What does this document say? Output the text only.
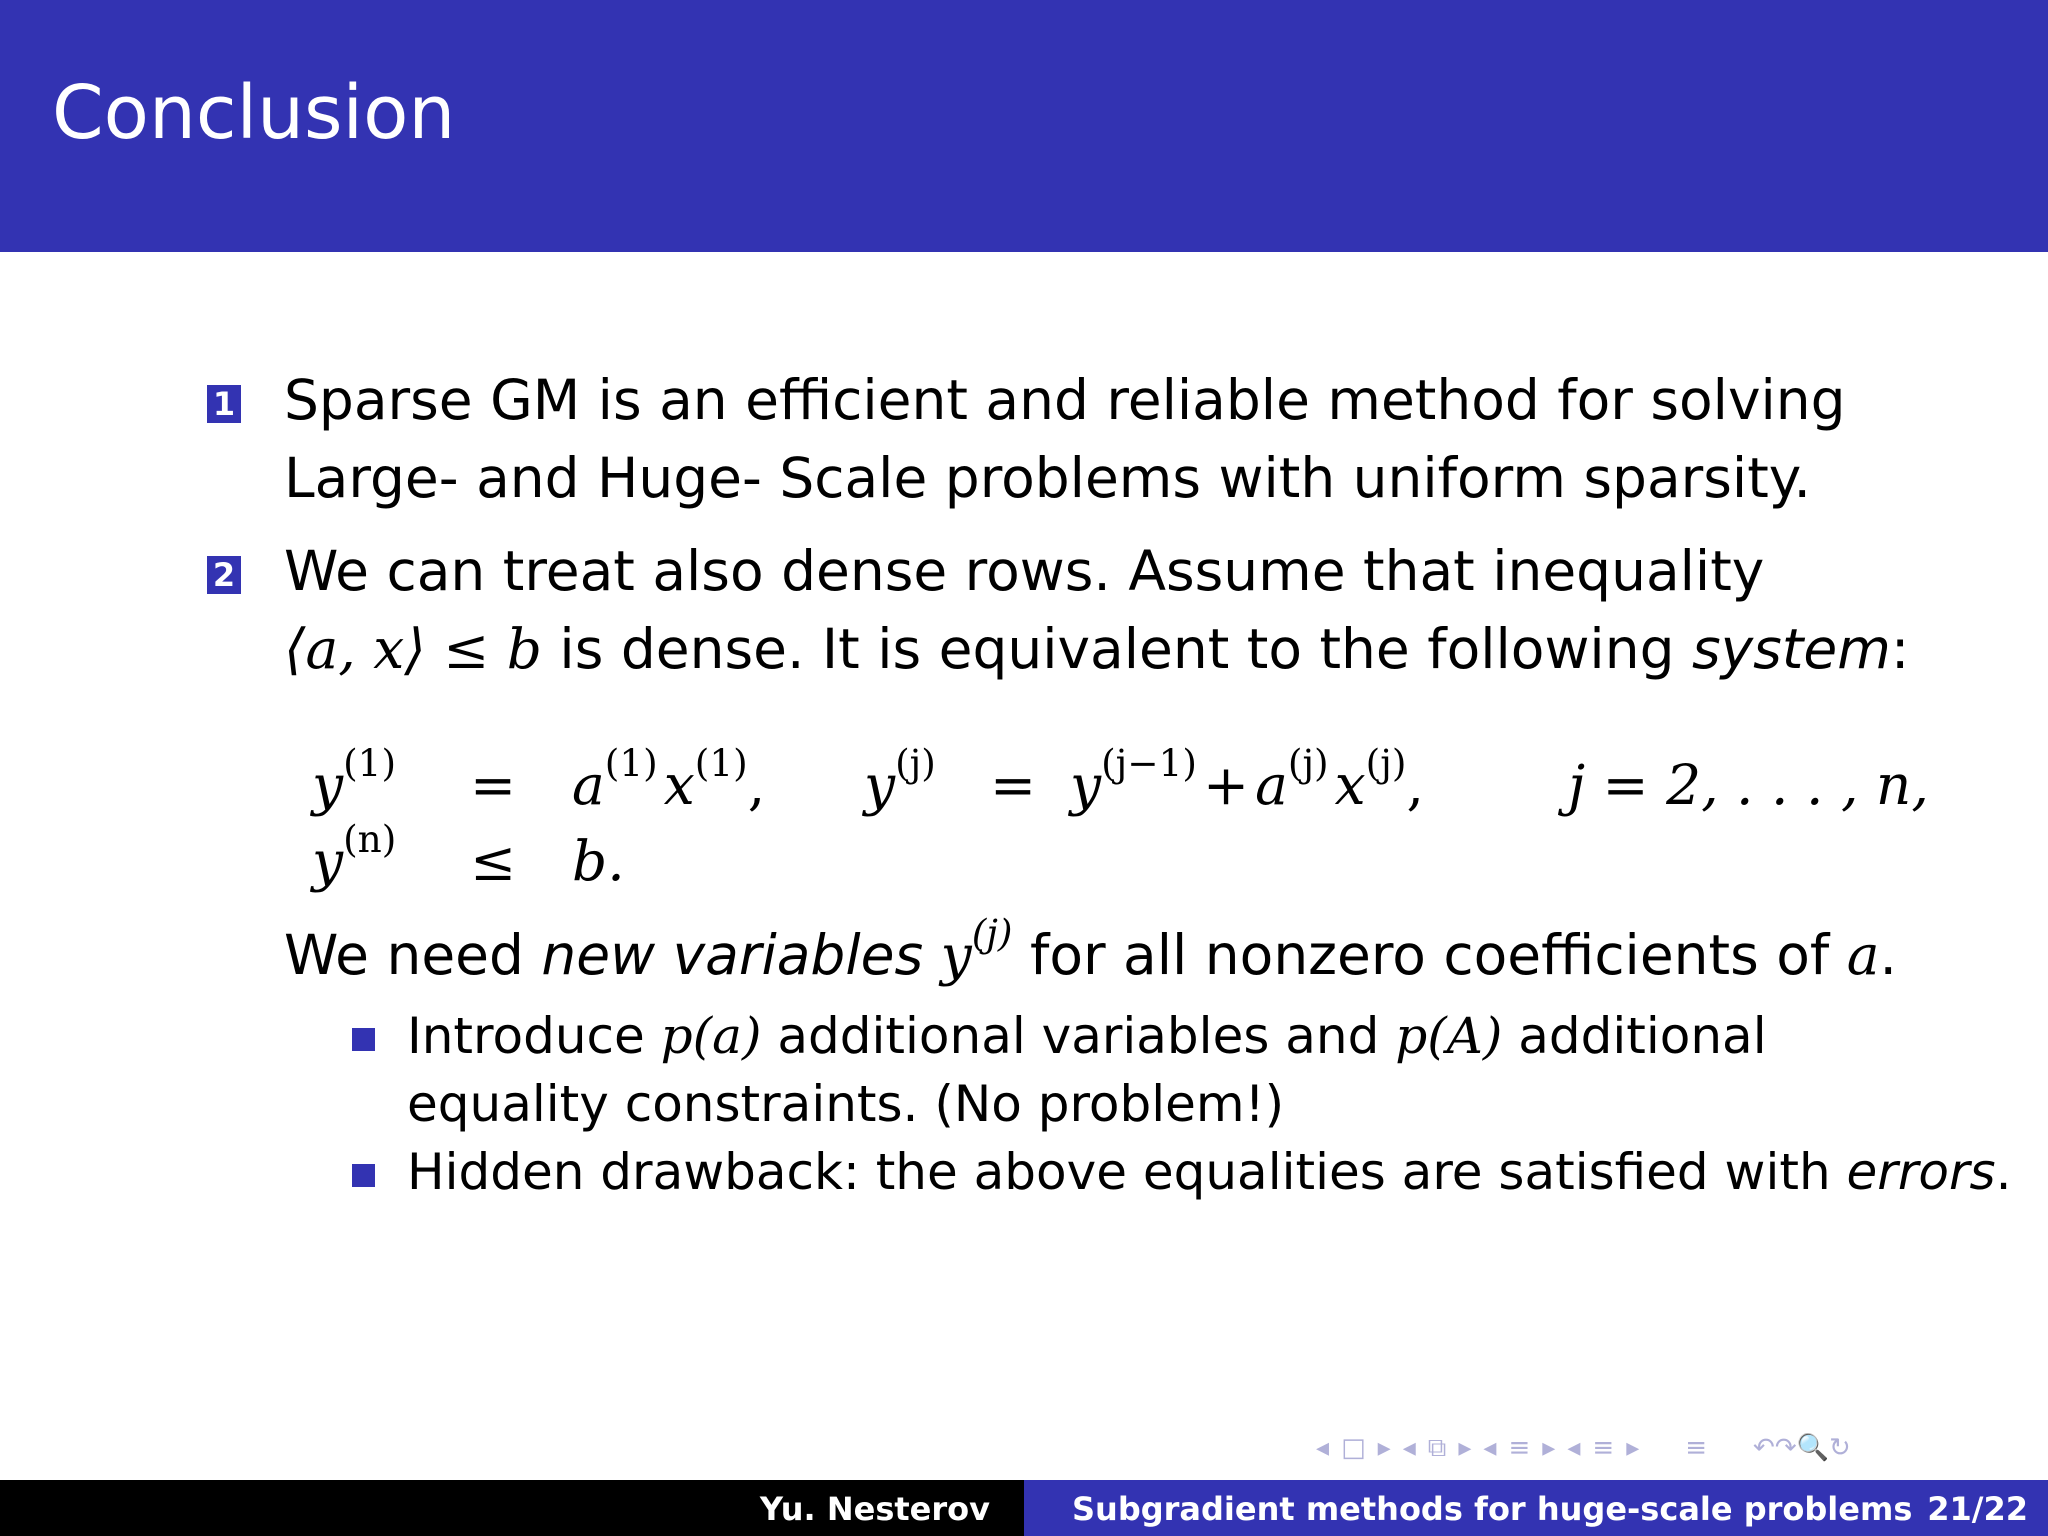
Conclusion
1 Sparse GM is an efficient and reliable method for solving
Large- and Huge- Scale problems with uniform sparsity.
2 We can treat also dense rows. Assume that inequality
⟨a, x⟩ ≤ b is dense. It is equivalent to the following system:
$y^{(1)} = a^{(1)}$ $x^{(1)}$, $y^{(j)} = y^{(j-1)} + a^{(j)}$ $x^{(j)}$,	j = 2, . . . , n,
$y^{(n)} \le b$.
We need new variables $y^{(j)}$ for all nonzero coefficients of a.
Introduce p(a) additional variables and p(A) additional
equality constraints. (No problem!)
Hidden drawback: the above equalities are satisfied with errors.
◂ □ ▸ ◂ ⧉ ▸ ◂ ≡ ▸ ◂ ≡ ▸ ≡ ↶↷🔍↻
Yu. Nesterov	Subgradient methods for huge-scale problems 21/22
